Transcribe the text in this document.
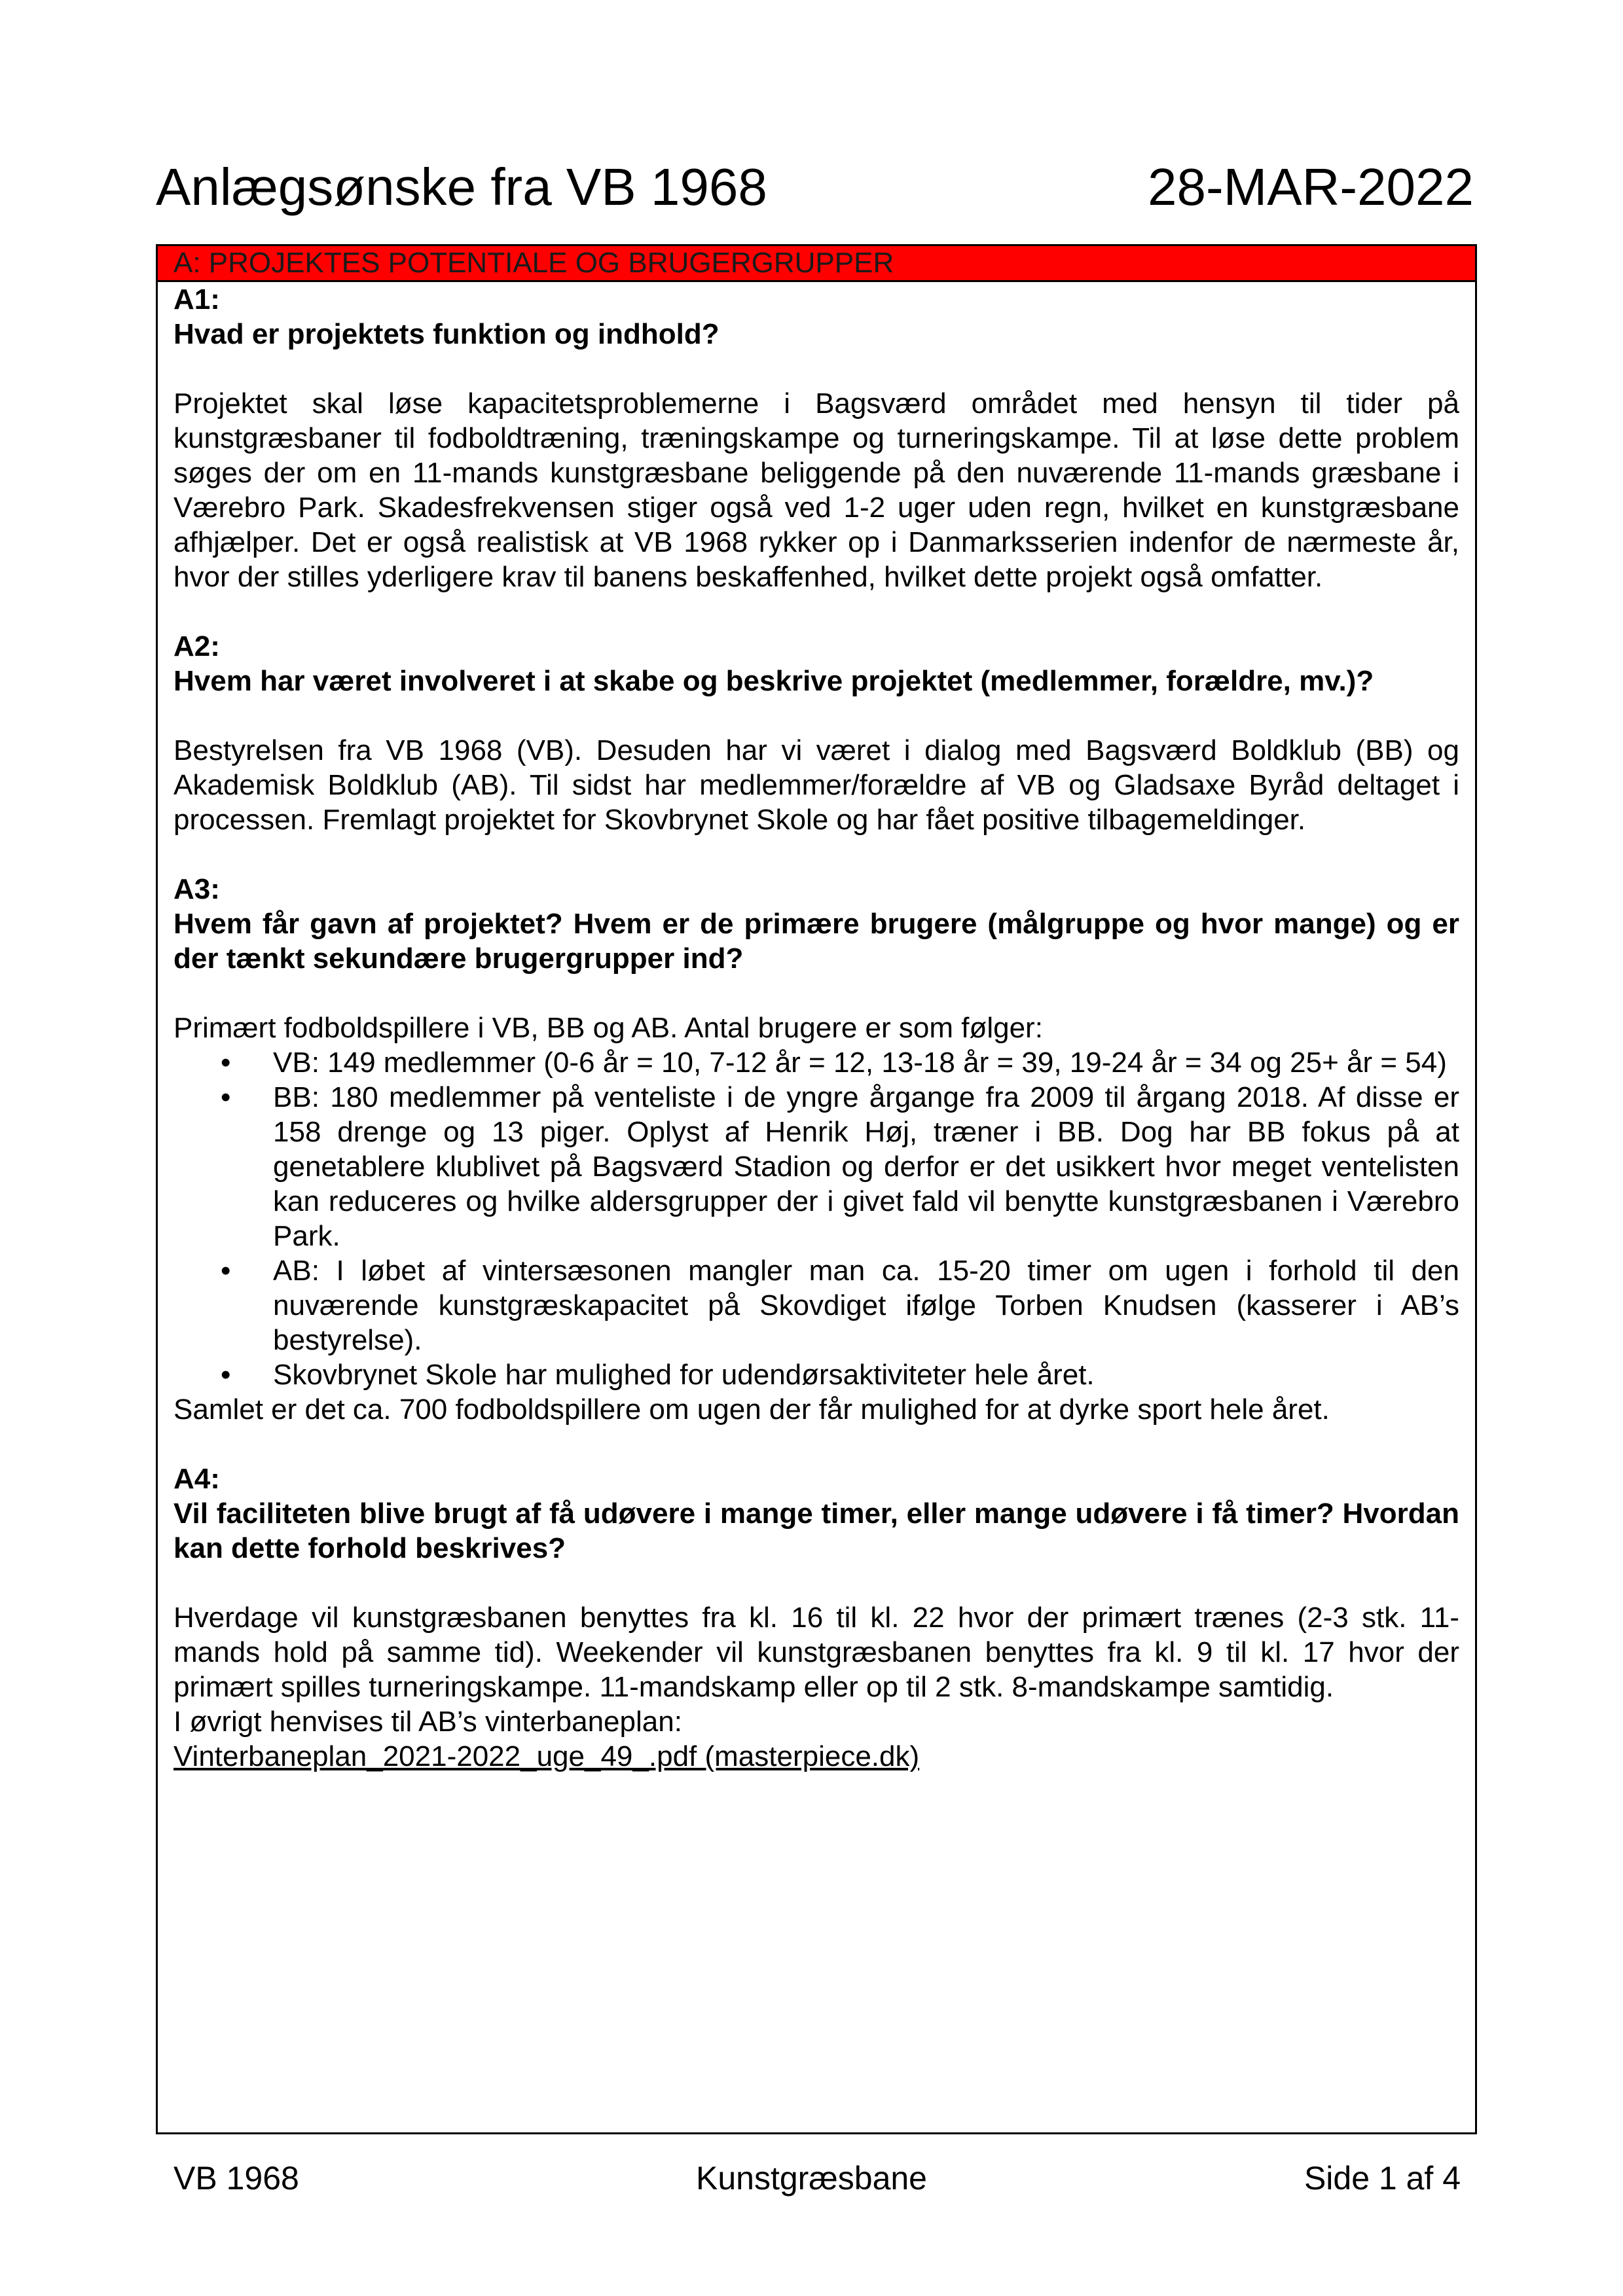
Anlægsønske fra VB 1968	28-MAR-2022
A: PROJEKTES POTENTIALE OG BRUGERGRUPPER

A1:

Hvad er projektets funktion og indhold?

Projektet skal løse kapacitetsproblemerne i Bagsværd området med hensyn til tider på kunstgræsbaner til fodboldtræning, træningskampe og turneringskampe. Til at løse dette problem søges der om en 11-mands kunstgræsbane beliggende på den nuværende 11-mands græsbane i Værebro Park. Skadesfrekvensen stiger også ved 1-2 uger uden regn, hvilket en kunstgræsbane afhjælper. Det er også realistisk at VB 1968 rykker op i Danmarksserien indenfor de nærmeste år, hvor der stilles yderligere krav til banens beskaffenhed, hvilket dette projekt også omfatter.

A2:

Hvem har været involveret i at skabe og beskrive projektet (medlemmer, forældre, mv.)?

Bestyrelsen fra VB 1968 (VB). Desuden har vi været i dialog med Bagsværd Boldklub (BB) og Akademisk Boldklub (AB). Til sidst har medlemmer/forældre af VB og Gladsaxe Byråd deltaget i processen. Fremlagt projektet for Skovbrynet Skole og har fået positive tilbagemeldinger.

A3:

Hvem får gavn af projektet? Hvem er de primære brugere (målgruppe og hvor mange) og er der tænkt sekundære brugergrupper ind?

Primært fodboldspillere i VB, BB og AB. Antal brugere er som følger:

• VB: 149 medlemmer (0-6 år = 10, 7-12 år = 12, 13-18 år = 39, 19-24 år = 34 og 25+ år = 54)
• BB: 180 medlemmer på venteliste i de yngre årgange fra 2009 til årgang 2018. Af disse er 158 drenge og 13 piger. Oplyst af Henrik Høj, træner i BB. Dog har BB fokus på at genetablere klublivet på Bagsværd Stadion og derfor er det usikkert hvor meget ventelisten kan reduceres og hvilke aldersgrupper der i givet fald vil benytte kunstgræsbanen i Værebro Park.
• AB: I løbet af vintersæsonen mangler man ca. 15-20 timer om ugen i forhold til den nuværende kunstgræskapacitet på Skovdiget ifølge Torben Knudsen (kasserer i AB’s bestyrelse).
• Skovbrynet Skole har mulighed for udendørsaktiviteter hele året.

Samlet er det ca. 700 fodboldspillere om ugen der får mulighed for at dyrke sport hele året.

A4:

Vil faciliteten blive brugt af få udøvere i mange timer, eller mange udøvere i få timer? Hvordan kan dette forhold beskrives?

Hverdage vil kunstgræsbanen benyttes fra kl. 16 til kl. 22 hvor der primært trænes (2-3 stk. 11-mands hold på samme tid). Weekender vil kunstgræsbanen benyttes fra kl. 9 til kl. 17 hvor der primært spilles turneringskampe. 11-mandskamp eller op til 2 stk. 8-mandskampe samtidig.

I øvrigt henvises til AB’s vinterbaneplan:

Vinterbaneplan_2021-2022_uge_49_.pdf (masterpiece.dk)

VB 1968	Kunstgræsbane	Side 1 af 4
